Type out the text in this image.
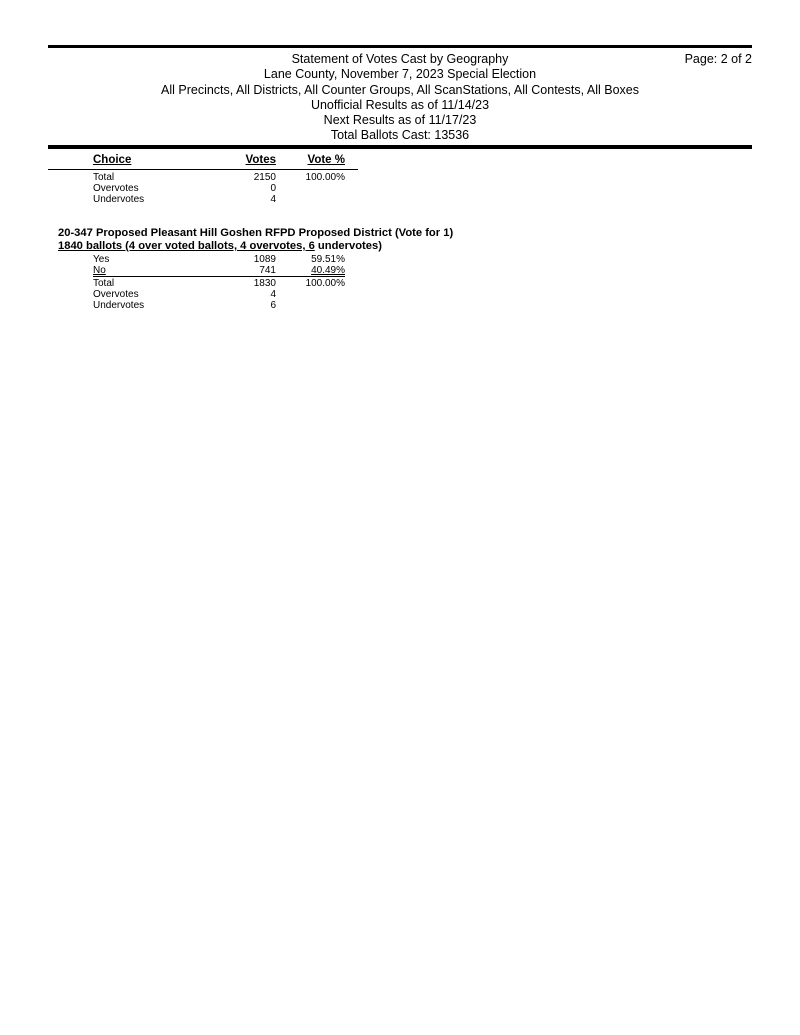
Statement of Votes Cast by Geography
Lane County, November 7, 2023 Special Election
All Precincts, All Districts, All Counter Groups, All ScanStations, All Contests, All Boxes
Unofficial Results as of 11/14/23
Next Results as of 11/17/23
Total Ballots Cast: 13536
Page: 2 of 2
Choice	Votes	Vote %
Total	2150	100.00%
Overvotes	0
Undervotes	4
20-347 Proposed Pleasant Hill Goshen RFPD Proposed District (Vote for 1)
1840 ballots (4 over voted ballots, 4 overvotes, 6 undervotes)
Yes	1089	59.51%
No	741	40.49%
Total	1830	100.00%
Overvotes	4
Undervotes	6
